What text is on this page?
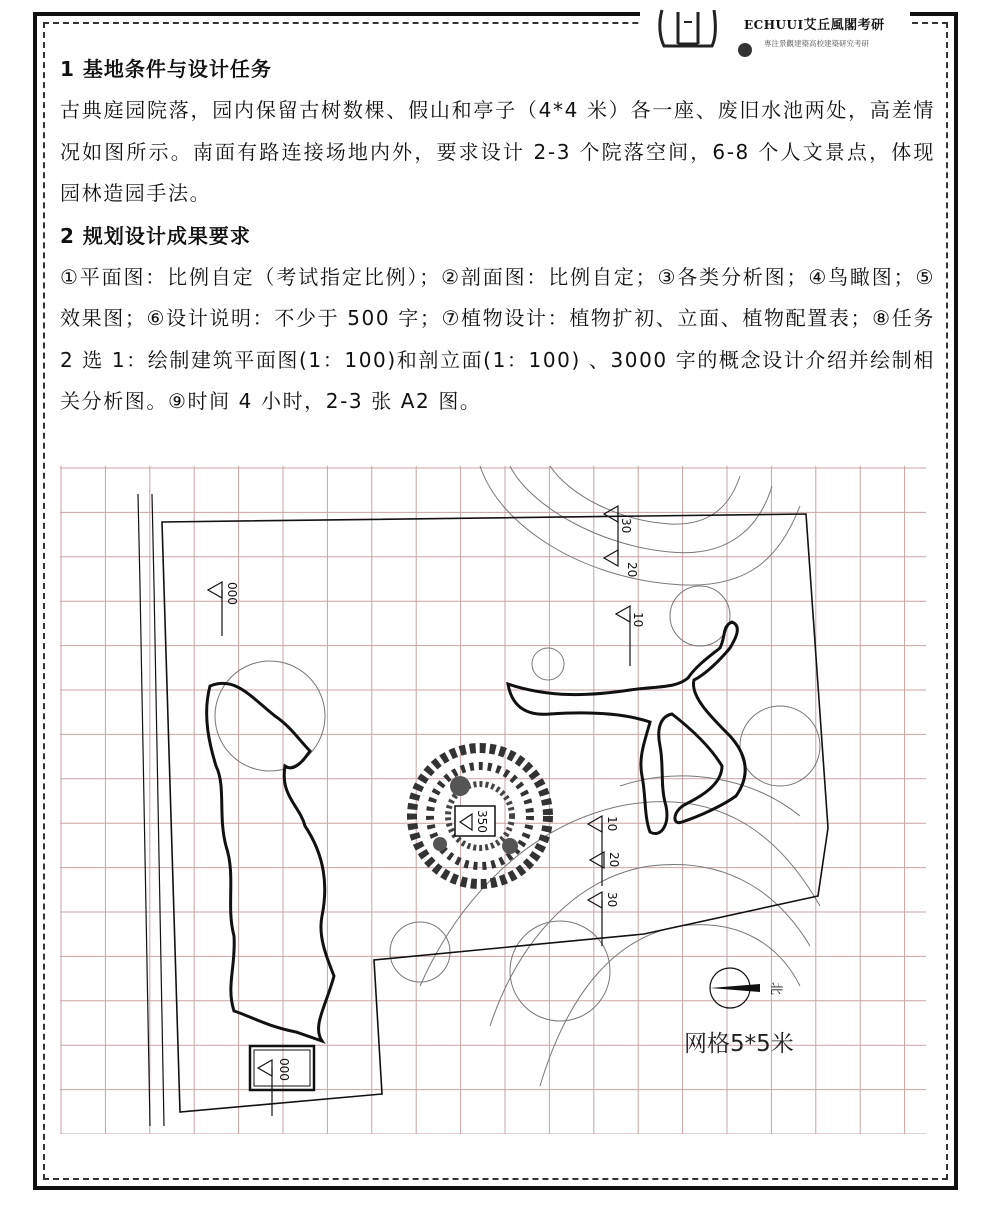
ECHUUI艾丘風閣考研
專注景觀建築高校建築研究考研
1 基地条件与设计任务

古典庭园院落，园内保留古树数棵、假山和亭子（4*4 米）各一座、废旧水池两处，高差情况如图所示。南面有路连接场地内外，要求设计 2-3 个院落空间，6-8 个人文景点，体现园林造园手法。

2 规划设计成果要求

①平面图：比例自定（考试指定比例）；②剖面图：比例自定；③各类分析图；④鸟瞰图；⑤效果图；⑥设计说明：不少于 500 字；⑦植物设计：植物扩初、立面、植物配置表；⑧任务 2 选 1：绘制建筑平面图(1：100)和剖立面(1：100) 、3000 字的概念设计介绍并绘制相关分析图。⑨时间 4 小时，2-3 张 A2 图。

30
20
10
000
350	10
20
30
000
北
网格5*5米
